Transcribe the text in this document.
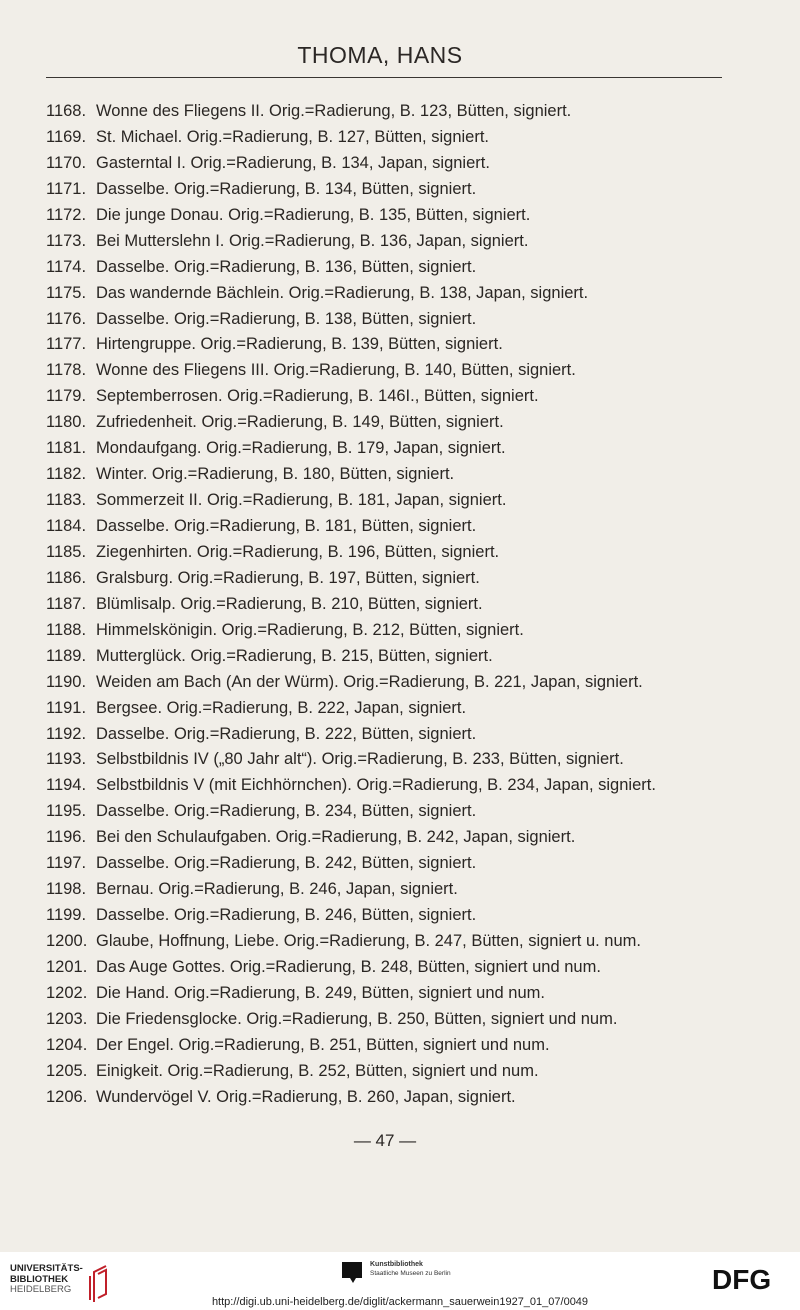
THOMA, HANS
1168. Wonne des Fliegens II. Orig.=Radierung, B. 123, Bütten, signiert.
1169. St. Michael. Orig.=Radierung, B. 127, Bütten, signiert.
1170. Gasterntal I. Orig.=Radierung, B. 134, Japan, signiert.
1171. Dasselbe. Orig.=Radierung, B. 134, Bütten, signiert.
1172. Die junge Donau. Orig.=Radierung, B. 135, Bütten, signiert.
1173. Bei Mutterslehn I. Orig.=Radierung, B. 136, Japan, signiert.
1174. Dasselbe. Orig.=Radierung, B. 136, Bütten, signiert.
1175. Das wandernde Bächlein. Orig.=Radierung, B. 138, Japan, signiert.
1176. Dasselbe. Orig.=Radierung, B. 138, Bütten, signiert.
1177. Hirtengruppe. Orig.=Radierung, B. 139, Bütten, signiert.
1178. Wonne des Fliegens III. Orig.=Radierung, B. 140, Bütten, signiert.
1179. Septemberrosen. Orig.=Radierung, B. 146I., Bütten, signiert.
1180. Zufriedenheit. Orig.=Radierung, B. 149, Bütten, signiert.
1181. Mondaufgang. Orig.=Radierung, B. 179, Japan, signiert.
1182. Winter. Orig.=Radierung, B. 180, Bütten, signiert.
1183. Sommerzeit II. Orig.=Radierung, B. 181, Japan, signiert.
1184. Dasselbe. Orig.=Radierung, B. 181, Bütten, signiert.
1185. Ziegenhirten. Orig.=Radierung, B. 196, Bütten, signiert.
1186. Gralsburg. Orig.=Radierung, B. 197, Bütten, signiert.
1187. Blümlisalp. Orig.=Radierung, B. 210, Bütten, signiert.
1188. Himmelskönigin. Orig.=Radierung, B. 212, Bütten, signiert.
1189. Mutterglück. Orig.=Radierung, B. 215, Bütten, signiert.
1190. Weiden am Bach (An der Würm). Orig.=Radierung, B. 221, Japan, signiert.
1191. Bergsee. Orig.=Radierung, B. 222, Japan, signiert.
1192. Dasselbe. Orig.=Radierung, B. 222, Bütten, signiert.
1193. Selbstbildnis IV („80 Jahr alt“). Orig.=Radierung, B. 233, Bütten, signiert.
1194. Selbstbildnis V (mit Eichhörnchen). Orig.=Radierung, B. 234, Japan, signiert.
1195. Dasselbe. Orig.=Radierung, B. 234, Bütten, signiert.
1196. Bei den Schulaufgaben. Orig.=Radierung, B. 242, Japan, signiert.
1197. Dasselbe. Orig.=Radierung, B. 242, Bütten, signiert.
1198. Bernau. Orig.=Radierung, B. 246, Japan, signiert.
1199. Dasselbe. Orig.=Radierung, B. 246, Bütten, signiert.
1200. Glaube, Hoffnung, Liebe. Orig.=Radierung, B. 247, Bütten, signiert u. num.
1201. Das Auge Gottes. Orig.=Radierung, B. 248, Bütten, signiert und num.
1202. Die Hand. Orig.=Radierung, B. 249, Bütten, signiert und num.
1203. Die Friedensglocke. Orig.=Radierung, B. 250, Bütten, signiert und num.
1204. Der Engel. Orig.=Radierung, B. 251, Bütten, signiert und num.
1205. Einigkeit. Orig.=Radierung, B. 252, Bütten, signiert und num.
1206. Wundervögel V. Orig.=Radierung, B. 260, Japan, signiert.
— 47 —
UNIVERSITÄTS-
BIBLIOTHEK
HEIDELBERG
Kunstbibliothek
Staatliche Museen zu Berlin	DFG
http://digi.ub.uni-heidelberg.de/diglit/ackermann_sauerwein1927_01_07/0049
